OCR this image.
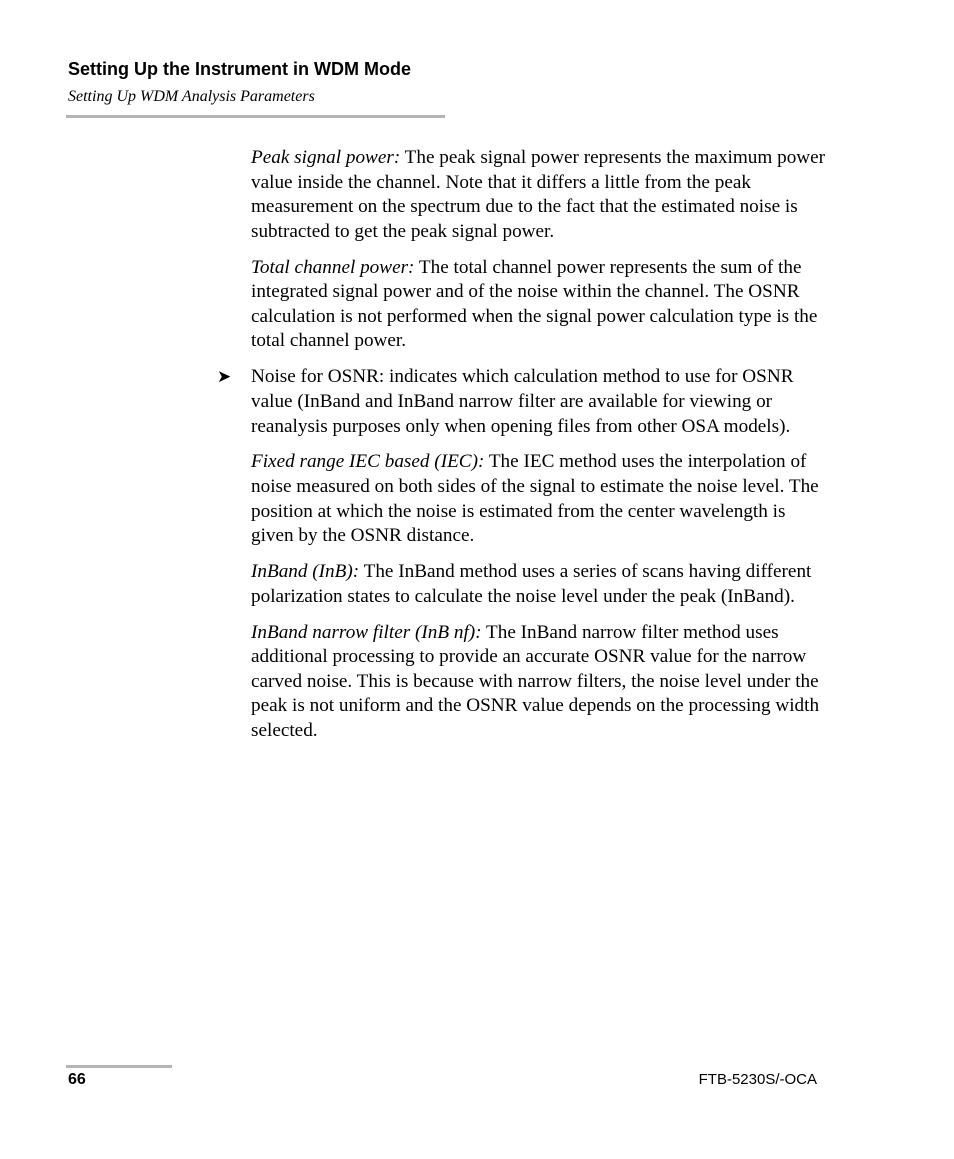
Setting Up the Instrument in WDM Mode
Setting Up WDM Analysis Parameters

Peak signal power: The peak signal power represents the maximum power value inside the channel. Note that it differs a little from the peak measurement on the spectrum due to the fact that the estimated noise is subtracted to get the peak signal power.

Total channel power: The total channel power represents the sum of the integrated signal power and of the noise within the channel. The OSNR calculation is not performed when the signal power calculation type is the total channel power.

➤ Noise for OSNR: indicates which calculation method to use for OSNR value (InBand and InBand narrow filter are available for viewing or reanalysis purposes only when opening files from other OSA models).

Fixed range IEC based (IEC): The IEC method uses the interpolation of noise measured on both sides of the signal to estimate the noise level. The position at which the noise is estimated from the center wavelength is given by the OSNR distance.

InBand (InB): The InBand method uses a series of scans having different polarization states to calculate the noise level under the peak (InBand).

InBand narrow filter (InB nf): The InBand narrow filter method uses additional processing to provide an accurate OSNR value for the narrow carved noise. This is because with narrow filters, the noise level under the peak is not uniform and the OSNR value depends on the processing width selected.

66	FTB-5230S/-OCA
